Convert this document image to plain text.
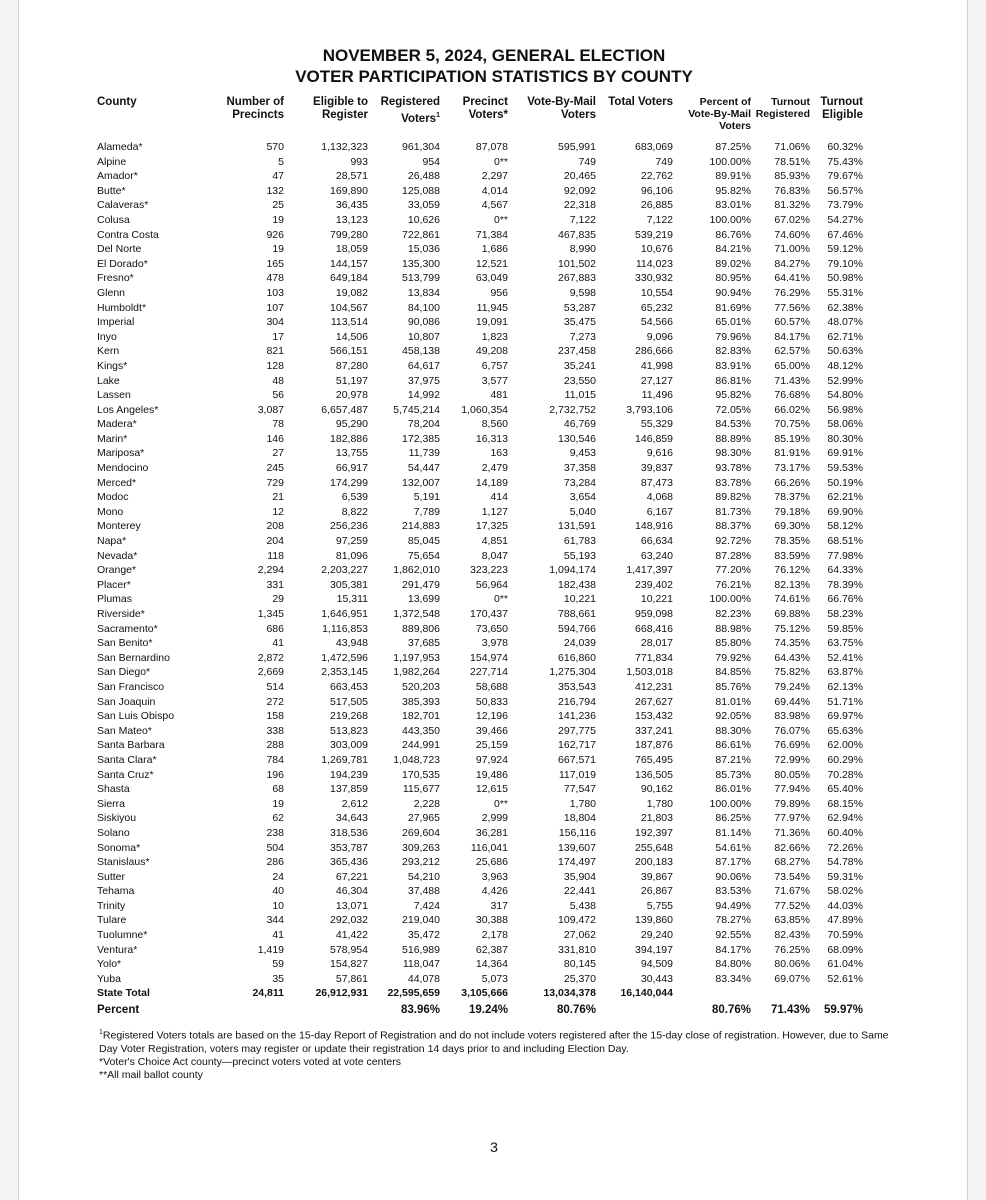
NOVEMBER 5, 2024, GENERAL ELECTION
VOTER PARTICIPATION STATISTICS BY COUNTY
County	Number of Precincts	Eligible to Register	Registered Voters$^1$	Precinct Voters*	Vote-By-Mail Voters	Total Voters	Percent of Vote-By-Mail Voters	Turnout Registered	Turnout Eligible
Alameda*	570	1,132,323	961,304	87,078	595,991	683,069	87.25%	71.06%	60.32%
Alpine	5	993	954	0**	749	749	100.00%	78.51%	75.43%
Amador*	47	28,571	26,488	2,297	20,465	22,762	89.91%	85.93%	79.67%
Butte*	132	169,890	125,088	4,014	92,092	96,106	95.82%	76.83%	56.57%
Calaveras*	25	36,435	33,059	4,567	22,318	26,885	83.01%	81.32%	73.79%
Colusa	19	13,123	10,626	0**	7,122	7,122	100.00%	67.02%	54.27%
Contra Costa	926	799,280	722,861	71,384	467,835	539,219	86.76%	74.60%	67.46%
Del Norte	19	18,059	15,036	1,686	8,990	10,676	84.21%	71.00%	59.12%
El Dorado*	165	144,157	135,300	12,521	101,502	114,023	89.02%	84.27%	79.10%
Fresno*	478	649,184	513,799	63,049	267,883	330,932	80.95%	64.41%	50.98%
Glenn	103	19,082	13,834	956	9,598	10,554	90.94%	76.29%	55.31%
Humboldt*	107	104,567	84,100	11,945	53,287	65,232	81.69%	77.56%	62.38%
Imperial	304	113,514	90,086	19,091	35,475	54,566	65.01%	60.57%	48.07%
Inyo	17	14,506	10,807	1,823	7,273	9,096	79.96%	84.17%	62.71%
Kern	821	566,151	458,138	49,208	237,458	286,666	82.83%	62.57%	50.63%
Kings*	128	87,280	64,617	6,757	35,241	41,998	83.91%	65.00%	48.12%
Lake	48	51,197	37,975	3,577	23,550	27,127	86.81%	71.43%	52.99%
Lassen	56	20,978	14,992	481	11,015	11,496	95.82%	76.68%	54.80%
Los Angeles*	3,087	6,657,487	5,745,214	1,060,354	2,732,752	3,793,106	72.05%	66.02%	56.98%
Madera*	78	95,290	78,204	8,560	46,769	55,329	84.53%	70.75%	58.06%
Marin*	146	182,886	172,385	16,313	130,546	146,859	88.89%	85.19%	80.30%
Mariposa*	27	13,755	11,739	163	9,453	9,616	98.30%	81.91%	69.91%
Mendocino	245	66,917	54,447	2,479	37,358	39,837	93.78%	73.17%	59.53%
Merced*	729	174,299	132,007	14,189	73,284	87,473	83.78%	66.26%	50.19%
Modoc	21	6,539	5,191	414	3,654	4,068	89.82%	78.37%	62.21%
Mono	12	8,822	7,789	1,127	5,040	6,167	81.73%	79.18%	69.90%
Monterey	208	256,236	214,883	17,325	131,591	148,916	88.37%	69.30%	58.12%
Napa*	204	97,259	85,045	4,851	61,783	66,634	92.72%	78.35%	68.51%
Nevada*	118	81,096	75,654	8,047	55,193	63,240	87.28%	83.59%	77.98%
Orange*	2,294	2,203,227	1,862,010	323,223	1,094,174	1,417,397	77.20%	76.12%	64.33%
Placer*	331	305,381	291,479	56,964	182,438	239,402	76.21%	82.13%	78.39%
Plumas	29	15,311	13,699	0**	10,221	10,221	100.00%	74.61%	66.76%
Riverside*	1,345	1,646,951	1,372,548	170,437	788,661	959,098	82.23%	69.88%	58.23%
Sacramento*	686	1,116,853	889,806	73,650	594,766	668,416	88.98%	75.12%	59.85%
San Benito*	41	43,948	37,685	3,978	24,039	28,017	85.80%	74.35%	63.75%
San Bernardino	2,872	1,472,596	1,197,953	154,974	616,860	771,834	79.92%	64.43%	52.41%
San Diego*	2,669	2,353,145	1,982,264	227,714	1,275,304	1,503,018	84.85%	75.82%	63.87%
San Francisco	514	663,453	520,203	58,688	353,543	412,231	85.76%	79.24%	62.13%
San Joaquin	272	517,505	385,393	50,833	216,794	267,627	81.01%	69.44%	51.71%
San Luis Obispo	158	219,268	182,701	12,196	141,236	153,432	92.05%	83.98%	69.97%
San Mateo*	338	513,823	443,350	39,466	297,775	337,241	88.30%	76.07%	65.63%
Santa Barbara	288	303,009	244,991	25,159	162,717	187,876	86.61%	76.69%	62.00%
Santa Clara*	784	1,269,781	1,048,723	97,924	667,571	765,495	87.21%	72.99%	60.29%
Santa Cruz*	196	194,239	170,535	19,486	117,019	136,505	85.73%	80.05%	70.28%
Shasta	68	137,859	115,677	12,615	77,547	90,162	86.01%	77.94%	65.40%
Sierra	19	2,612	2,228	0**	1,780	1,780	100.00%	79.89%	68.15%
Siskiyou	62	34,643	27,965	2,999	18,804	21,803	86.25%	77.97%	62.94%
Solano	238	318,536	269,604	36,281	156,116	192,397	81.14%	71.36%	60.40%
Sonoma*	504	353,787	309,263	116,041	139,607	255,648	54.61%	82.66%	72.26%
Stanislaus*	286	365,436	293,212	25,686	174,497	200,183	87.17%	68.27%	54.78%
Sutter	24	67,221	54,210	3,963	35,904	39,867	90.06%	73.54%	59.31%
Tehama	40	46,304	37,488	4,426	22,441	26,867	83.53%	71.67%	58.02%
Trinity	10	13,071	7,424	317	5,438	5,755	94.49%	77.52%	44.03%
Tulare	344	292,032	219,040	30,388	109,472	139,860	78.27%	63.85%	47.89%
Tuolumne*	41	41,422	35,472	2,178	27,062	29,240	92.55%	82.43%	70.59%
Ventura*	1,419	578,954	516,989	62,387	331,810	394,197	84.17%	76.25%	68.09%
Yolo*	59	154,827	118,047	14,364	80,145	94,509	84.80%	80.06%	61.04%
Yuba	35	57,861	44,078	5,073	25,370	30,443	83.34%	69.07%	52.61%
State Total	24,811	26,912,931	22,595,659	3,105,666	13,034,378	16,140,044			
Percent			83.96%	19.24%	80.76%		80.76%	71.43%	59.97%

$^1$Registered Voters totals are based on the 15-day Report of Registration and do not include voters registered after the 15-day close of registration. However, due to Same Day Voter Registration, voters may register or update their registration 14 days prior to and including Election Day.

*Voter's Choice Act county—precinct voters voted at vote centers

**All mail ballot county

3
